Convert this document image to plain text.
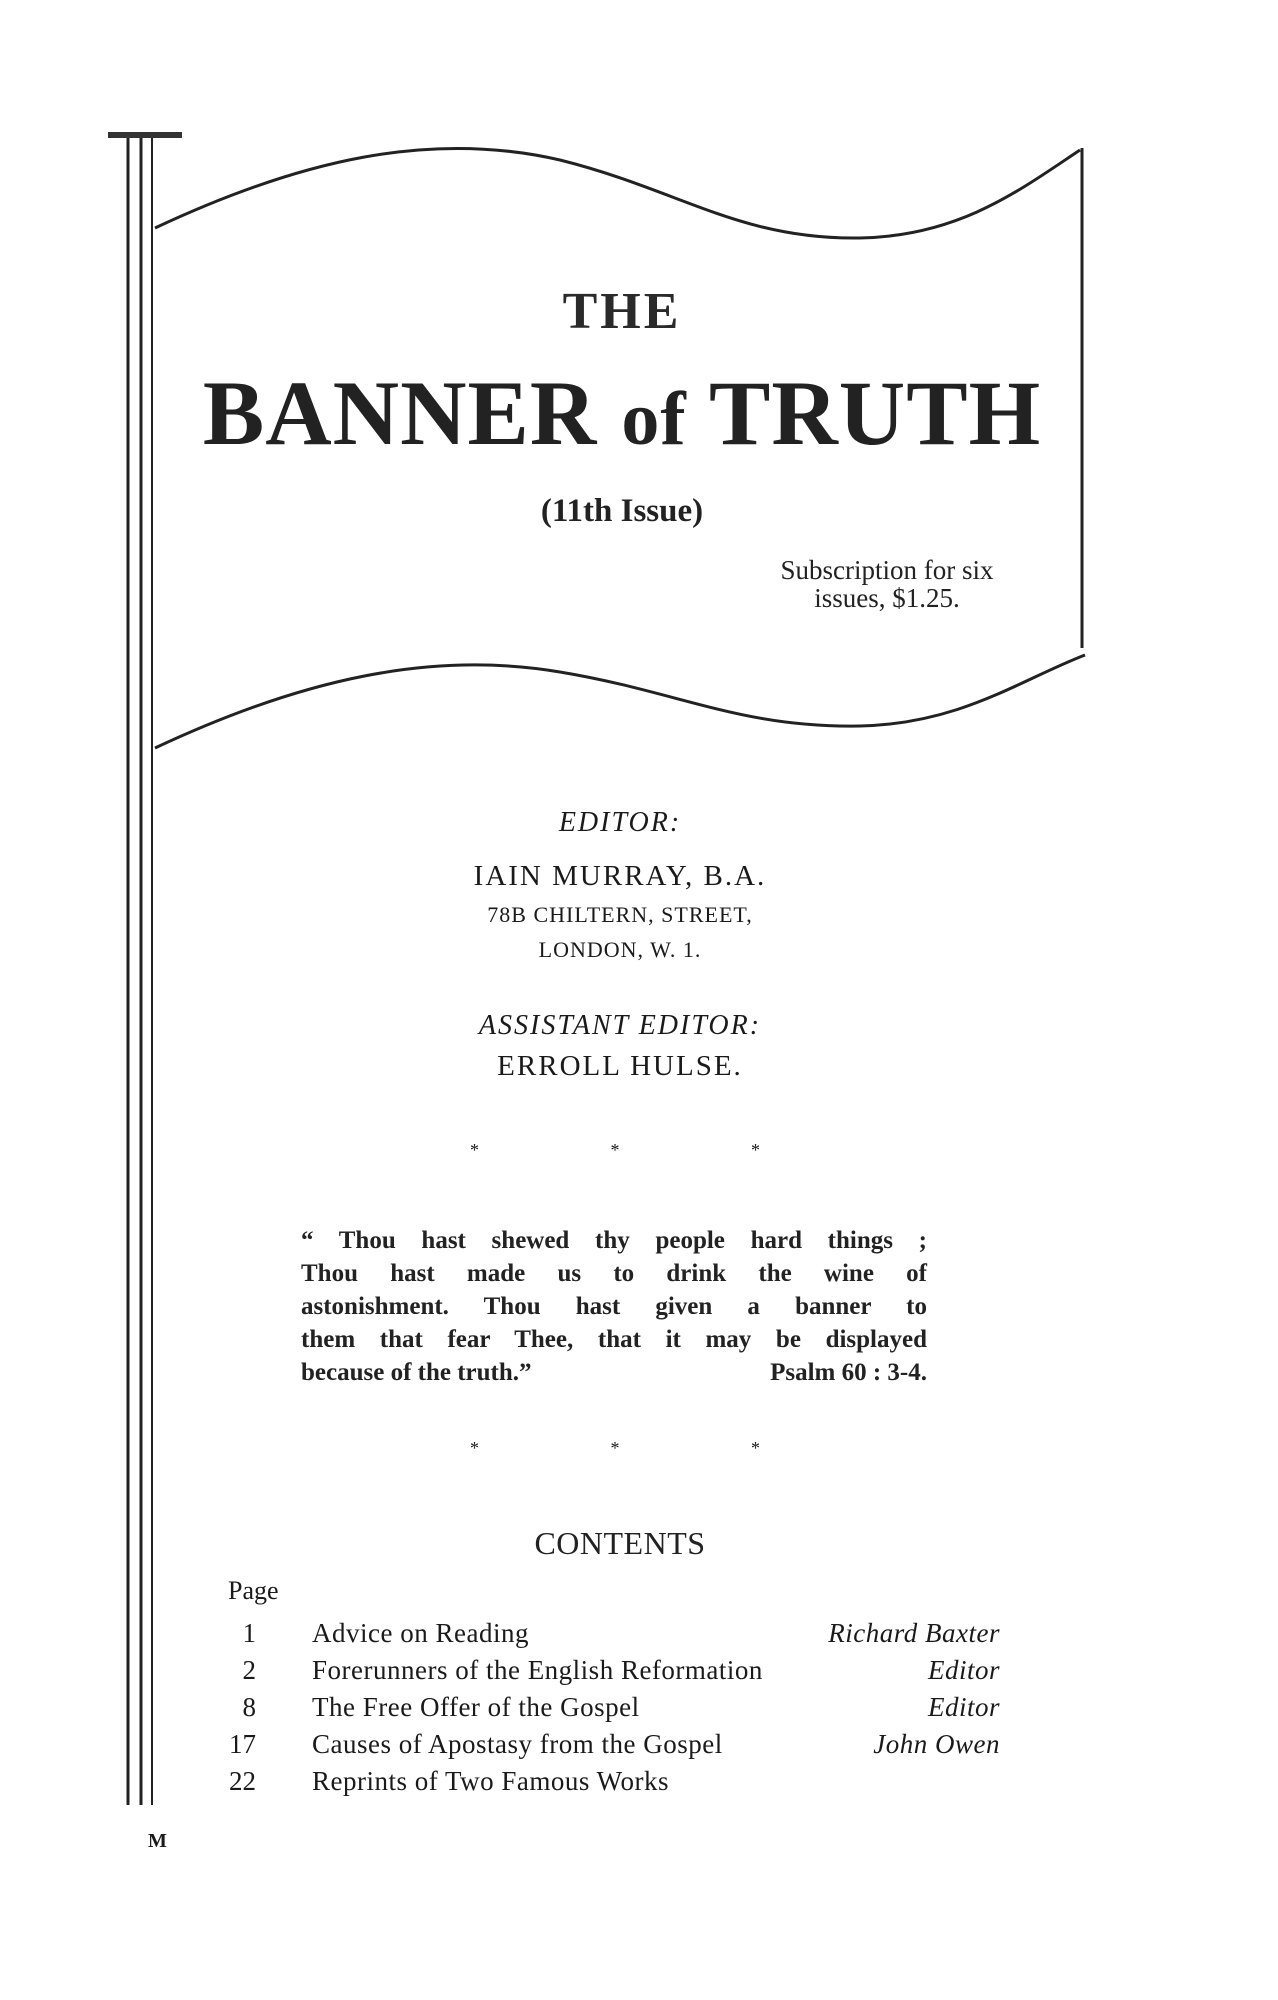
THE
BANNER of TRUTH
(11th Issue)
Subscription for six
issues, $1.25.
EDITOR:
IAIN MURRAY, B.A.
78B CHILTERN, STREET,
LONDON, W. 1.
ASSISTANT EDITOR:
ERROLL HULSE.
*	*	*
“ Thou hast shewed thy people hard things ;
Thou hast made us to drink the wine of
astonishment. Thou hast given a banner to
them that fear Thee, that it may be displayed
because of the truth.”	Psalm 60 : 3-4.
*	*	*
CONTENTS
Page
1 Advice on Reading	Richard Baxter
2 Forerunners of the English Reformation	Editor
8 The Free Offer of the Gospel	Editor
17 Causes of Apostasy from the Gospel	John Owen
22 Reprints of Two Famous Works
M
